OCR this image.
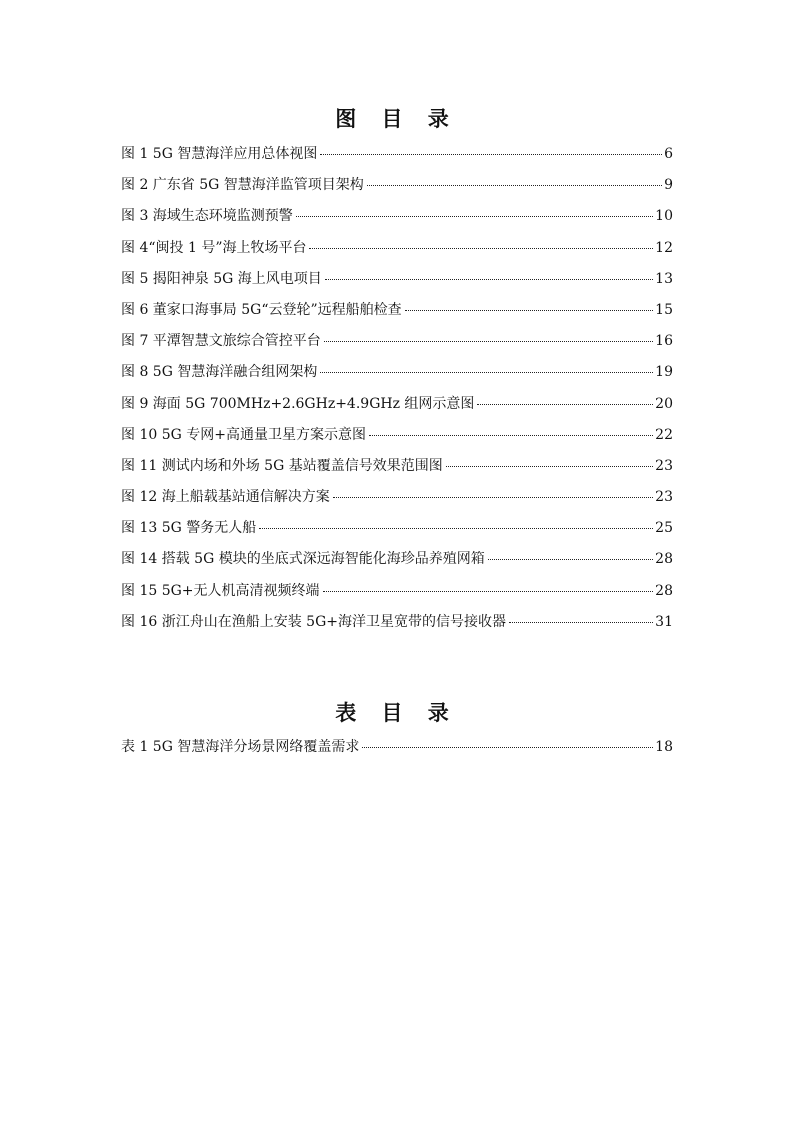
图 目 录
图 1 5G 智慧海洋应用总体视图	6
图 2 广东省 5G 智慧海洋监管项目架构	9
图 3 海域生态环境监测预警	10
图 4“闽投 1 号”海上牧场平台	12
图 5 揭阳神泉 5G 海上风电项目	13
图 6 董家口海事局 5G“云登轮”远程船舶检查	15
图 7 平潭智慧文旅综合管控平台	16
图 8 5G 智慧海洋融合组网架构	19
图 9 海面 5G 700MHz+2.6GHz+4.9GHz 组网示意图	20
图 10 5G 专网+高通量卫星方案示意图	22
图 11 测试内场和外场 5G 基站覆盖信号效果范围图	23
图 12 海上船载基站通信解决方案	23
图 13 5G 警务无人船	25
图 14 搭载 5G 模块的坐底式深远海智能化海珍品养殖网箱	28
图 15 5G+无人机高清视频终端	28
图 16 浙江舟山在渔船上安装 5G+海洋卫星宽带的信号接收器	31
表 目 录
表 1 5G 智慧海洋分场景网络覆盖需求	18
